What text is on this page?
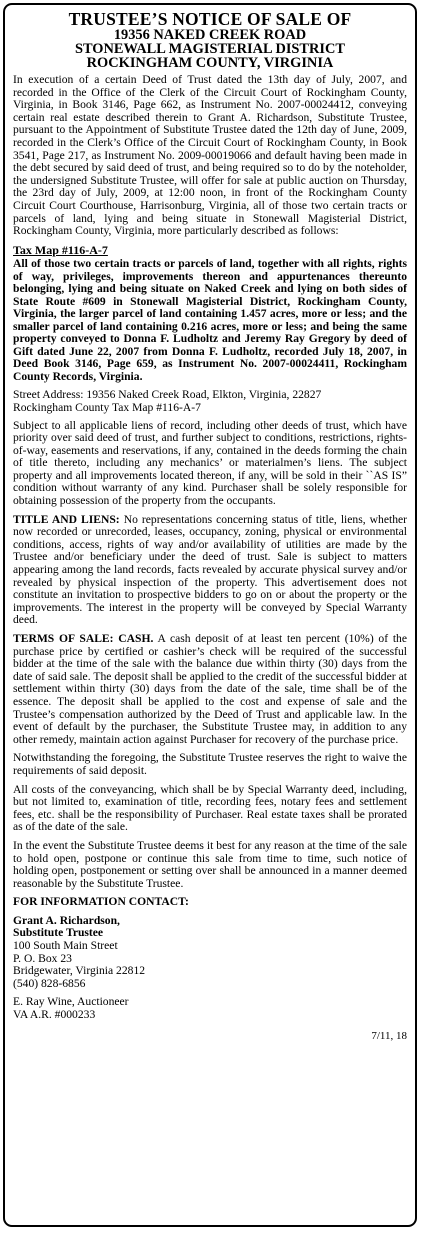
TRUSTEE’S NOTICE OF SALE OF
19356 NAKED CREEK ROAD
STONEWALL MAGISTERIAL DISTRICT
ROCKINGHAM COUNTY, VIRGINIA

In execution of a certain Deed of Trust dated the 13th day of July, 2007, and recorded in the Office of the Clerk of the Circuit Court of Rockingham County, Virginia, in Book 3146, Page 662, as Instrument No. 2007-00024412, conveying certain real estate described therein to Grant A. Richardson, Substitute Trustee, pursuant to the Appointment of Substitute Trustee dated the 12th day of June, 2009, recorded in the Clerk’s Office of the Circuit Court of Rockingham County, in Book 3541, Page 217, as Instrument No. 2009-00019066 and default having been made in the debt secured by said deed of trust, and being required so to do by the noteholder, the undersigned Substitute Trustee, will offer for sale at public auction on Thursday, the 23rd day of July, 2009, at 12:00 noon, in front of the Rockingham County Circuit Court Courthouse, Harrisonburg, Virginia, all of those two certain tracts or parcels of land, lying and being situate in Stonewall Magisterial District, Rockingham County, Virginia, more particularly described as follows:

Tax Map #116-A-7
All of those two certain tracts or parcels of land, together with all rights, rights of way, privileges, improvements thereon and appurtenances thereunto belonging, lying and being situate on Naked Creek and lying on both sides of State Route #609 in Stonewall Magisterial District, Rockingham County, Virginia, the larger parcel of land containing 1.457 acres, more or less; and the smaller parcel of land containing 0.216 acres, more or less; and being the same property conveyed to Donna F. Ludholtz and Jeremy Ray Gregory by deed of Gift dated June 22, 2007 from Donna F. Ludholtz, recorded July 18, 2007, in Deed Book 3146, Page 659, as Instrument No. 2007-00024411, Rockingham County Records, Virginia.
Street Address: 19356 Naked Creek Road, Elkton, Virginia, 22827
Rockingham County Tax Map #116-A-7

Subject to all applicable liens of record, including other deeds of trust, which have priority over said deed of trust, and further subject to conditions, restrictions, rights-of-way, easements and reservations, if any, contained in the deeds forming the chain of title thereto, including any mechanics’ or materialmen’s liens. The subject property and all improvements located thereon, if any, will be sold in their ``AS IS” condition without warranty of any kind. Purchaser shall be solely responsible for obtaining possession of the property from the occupants.

TITLE AND LIENS: No representations concerning status of title, liens, whether now recorded or unrecorded, leases, occupancy, zoning, physical or environmental conditions, access, rights of way and/or availability of utilities are made by the Trustee and/or beneficiary under the deed of trust. Sale is subject to matters appearing among the land records, facts revealed by accurate physical survey and/or revealed by physical inspection of the property. This advertisement does not constitute an invitation to prospective bidders to go on or about the property or the improvements. The interest in the property will be conveyed by Special Warranty deed.

TERMS OF SALE: CASH. A cash deposit of at least ten percent (10%) of the purchase price by certified or cashier’s check will be required of the successful bidder at the time of the sale with the balance due within thirty (30) days from the date of said sale. The deposit shall be applied to the credit of the successful bidder at settlement within thirty (30) days from the date of the sale, time shall be of the essence. The deposit shall be applied to the cost and expense of sale and the Trustee’s compensation authorized by the Deed of Trust and applicable law. In the event of default by the purchaser, the Substitute Trustee may, in addition to any other remedy, maintain action against Purchaser for recovery of the purchase price.

Notwithstanding the foregoing, the Substitute Trustee reserves the right to waive the requirements of said deposit.

All costs of the conveyancing, which shall be by Special Warranty deed, including, but not limited to, examination of title, recording fees, notary fees and settlement fees, etc. shall be the responsibility of Purchaser. Real estate taxes shall be prorated as of the date of the sale.

In the event the Substitute Trustee deems it best for any reason at the time of the sale to hold open, postpone or continue this sale from time to time, such notice of holding open, postponement or setting over shall be announced in a manner deemed reasonable by the Substitute Trustee.

FOR INFORMATION CONTACT:
Grant A. Richardson,
Substitute Trustee
100 South Main Street
P. O. Box 23
Bridgewater, Virginia 22812
(540) 828-6856
E. Ray Wine, Auctioneer
VA A.R. #000233
7/11, 18
